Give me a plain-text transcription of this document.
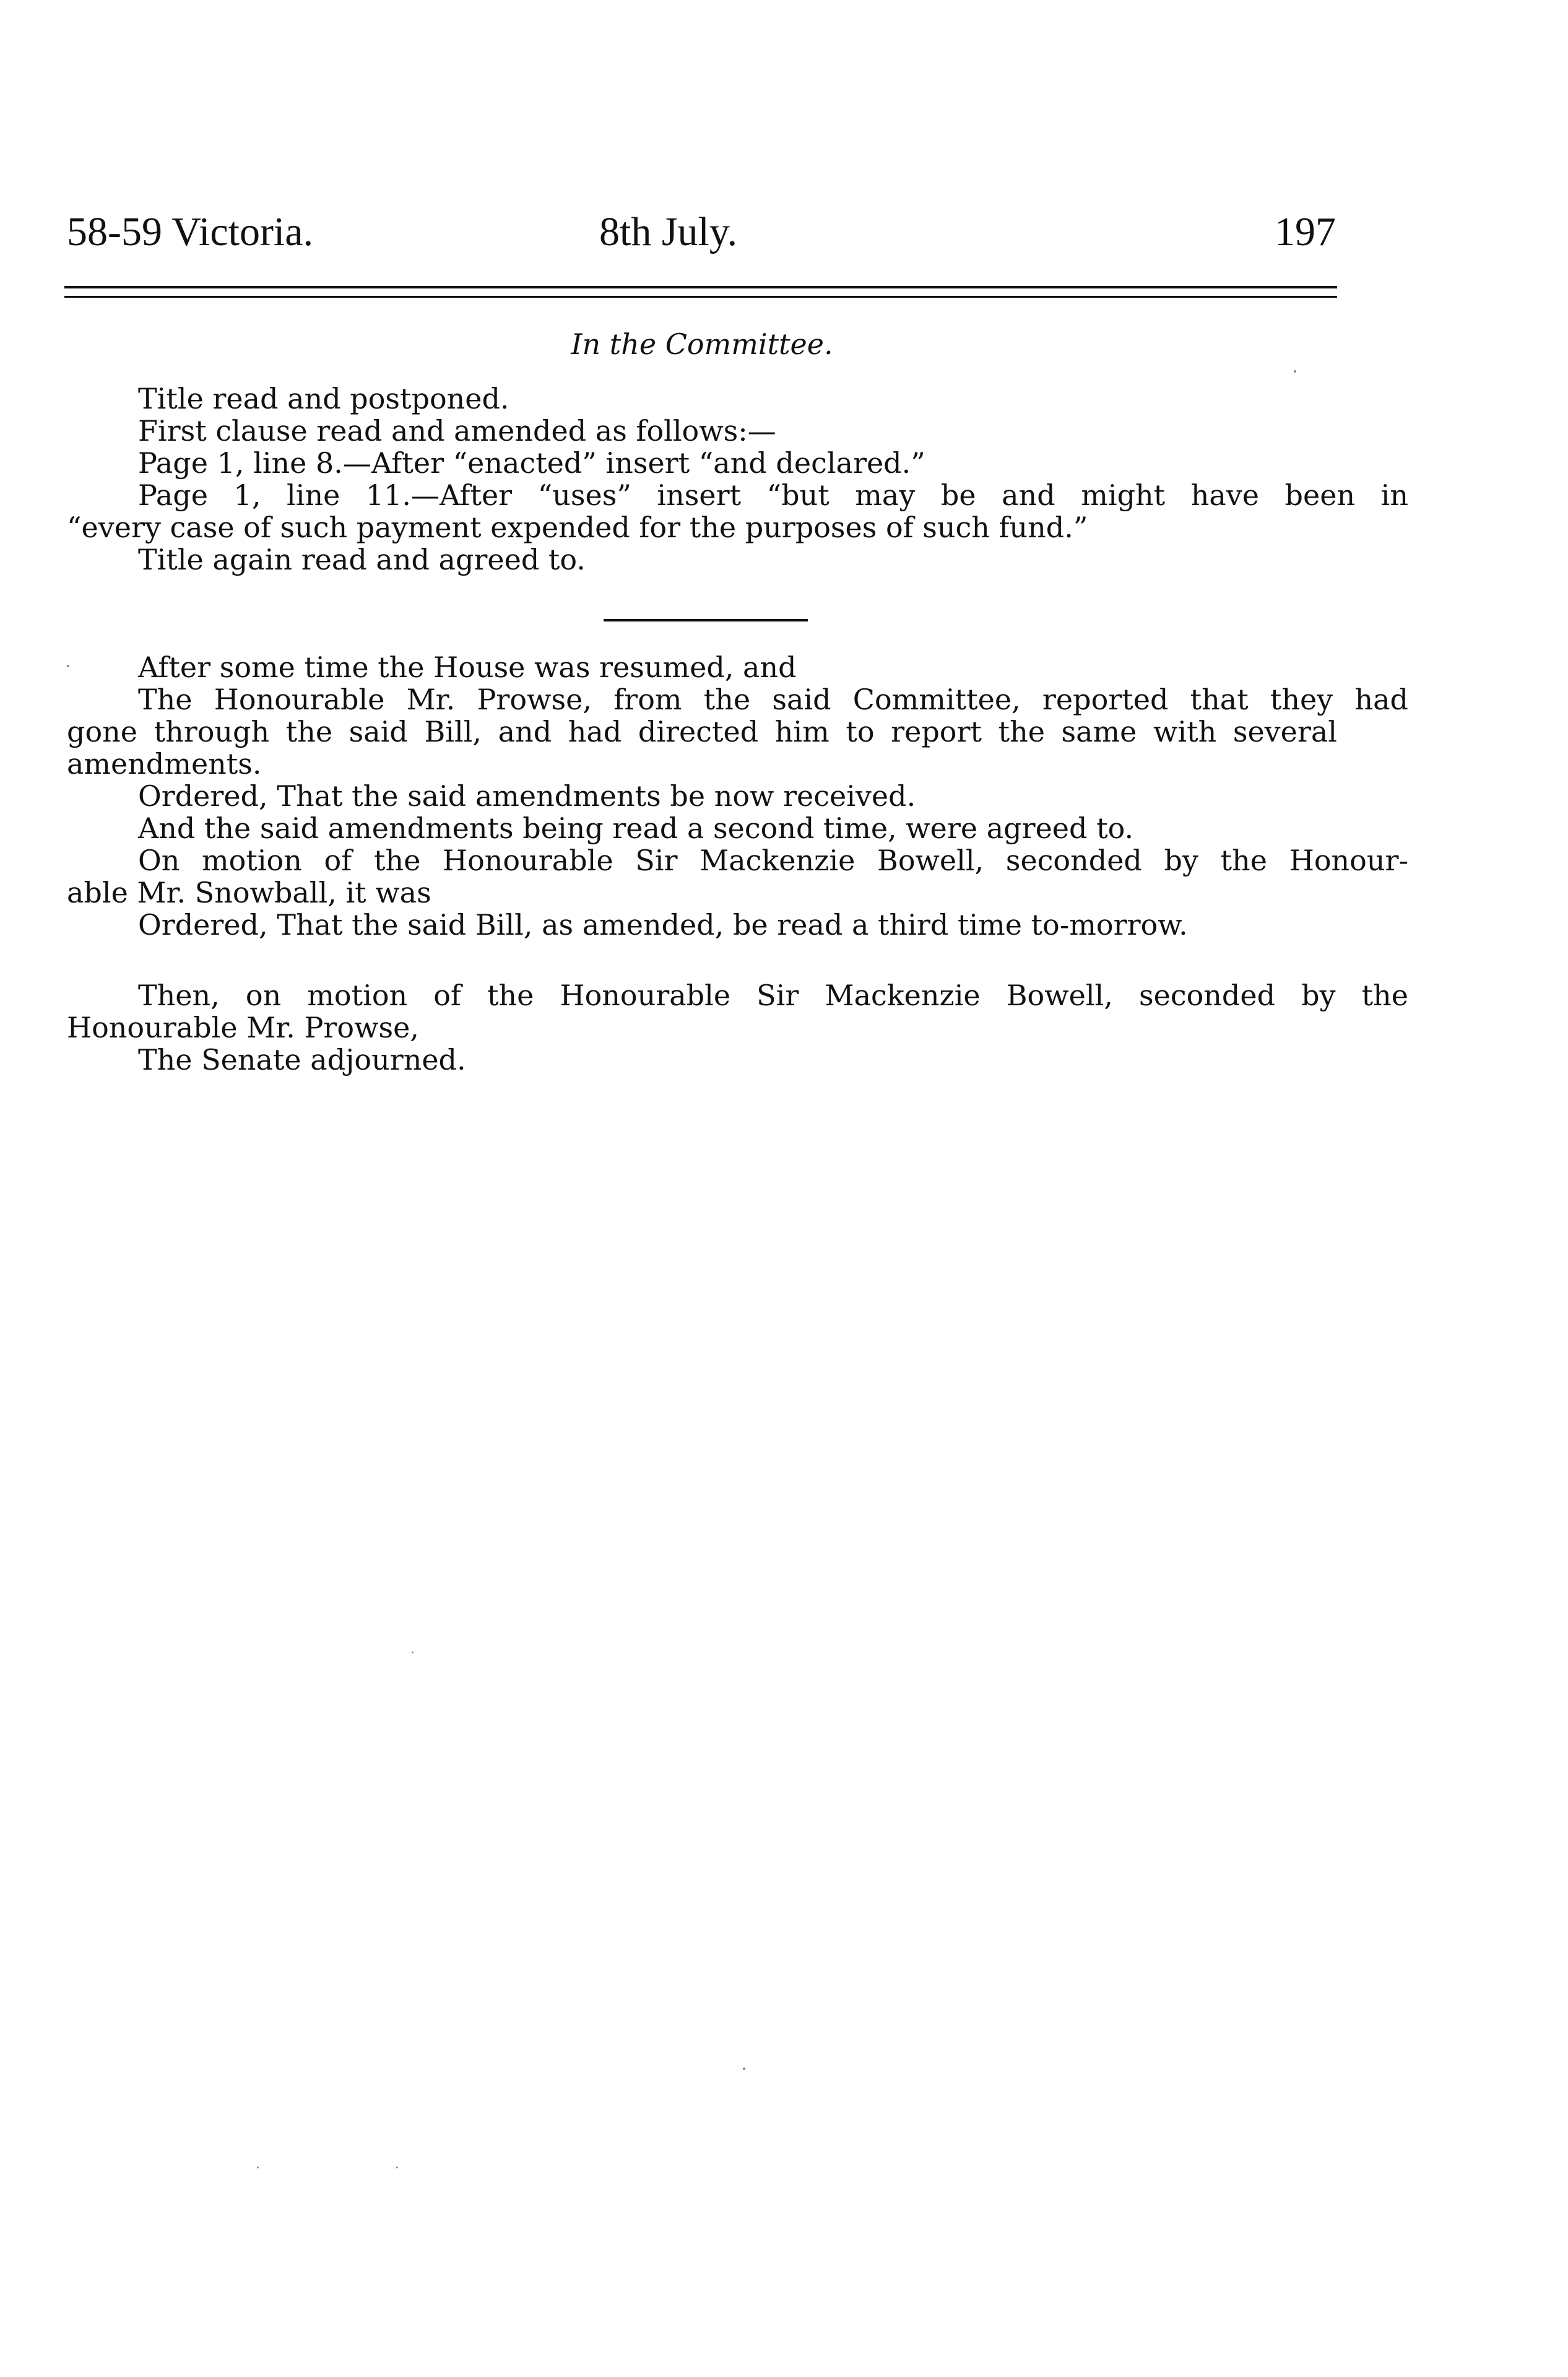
58-59 Victoria.	8th July.	197
In the Committee.
Title read and postponed.
First clause read and amended as follows:—
Page 1, line 8.—After “enacted” insert “and declared.”
Page 1, line 11.—After “uses” insert “but may be and might have been in
“every case of such payment expended for the purposes of such fund.”
Title again read and agreed to.
After some time the House was resumed, and
The Honourable Mr. Prowse, from the said Committee, reported that they had
gone through the said Bill, and had directed him to report the same with several
amendments.
Ordered, That the said amendments be now received.
And the said amendments being read a second time, were agreed to.
On motion of the Honourable Sir Mackenzie Bowell, seconded by the Honour-
able Mr. Snowball, it was
Ordered, That the said Bill, as amended, be read a third time to-morrow.
Then, on motion of the Honourable Sir Mackenzie Bowell, seconded by the
Honourable Mr. Prowse,
The Senate adjourned.
